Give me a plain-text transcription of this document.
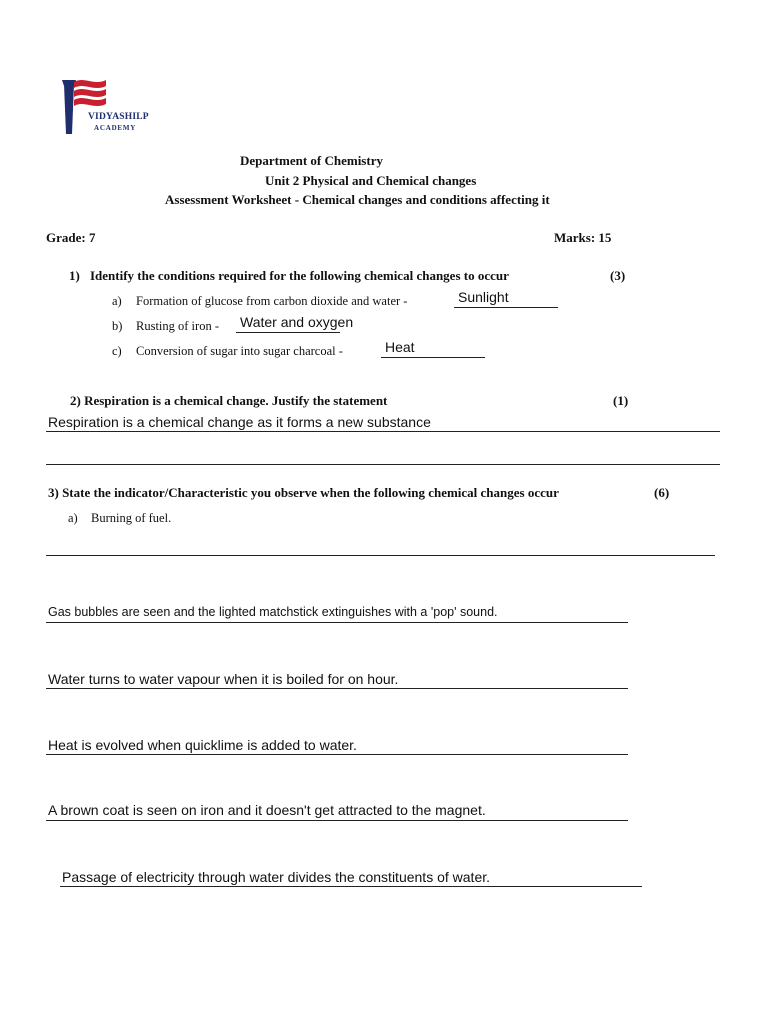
VIDYASHILP
ACADEMY
Department of Chemistry
Unit 2 Physical and Chemical changes
Assessment Worksheet - Chemical changes and conditions affecting it
Grade: 7	Marks: 15
1) Identify the conditions required for the following chemical changes to occur	(3)
a) Formation of glucose from carbon dioxide and water -	Sunlight
b) Rusting of iron - Water and oxygen
c) Conversion of sugar into sugar charcoal -	Heat
2) Respiration is a chemical change. Justify the statement	(1)
Respiration is a chemical change as it forms a new substance
3) State the indicator/Characteristic you observe when the following chemical changes occur	(6)
a) Burning of fuel.
Gas bubbles are seen and the lighted matchstick extinguishes with a 'pop' sound.
Water turns to water vapour when it is boiled for on hour.
Heat is evolved when quicklime is added to water.
A brown coat is seen on iron and it doesn't get attracted to the magnet.
Passage of electricity through water divides the constituents of water.
